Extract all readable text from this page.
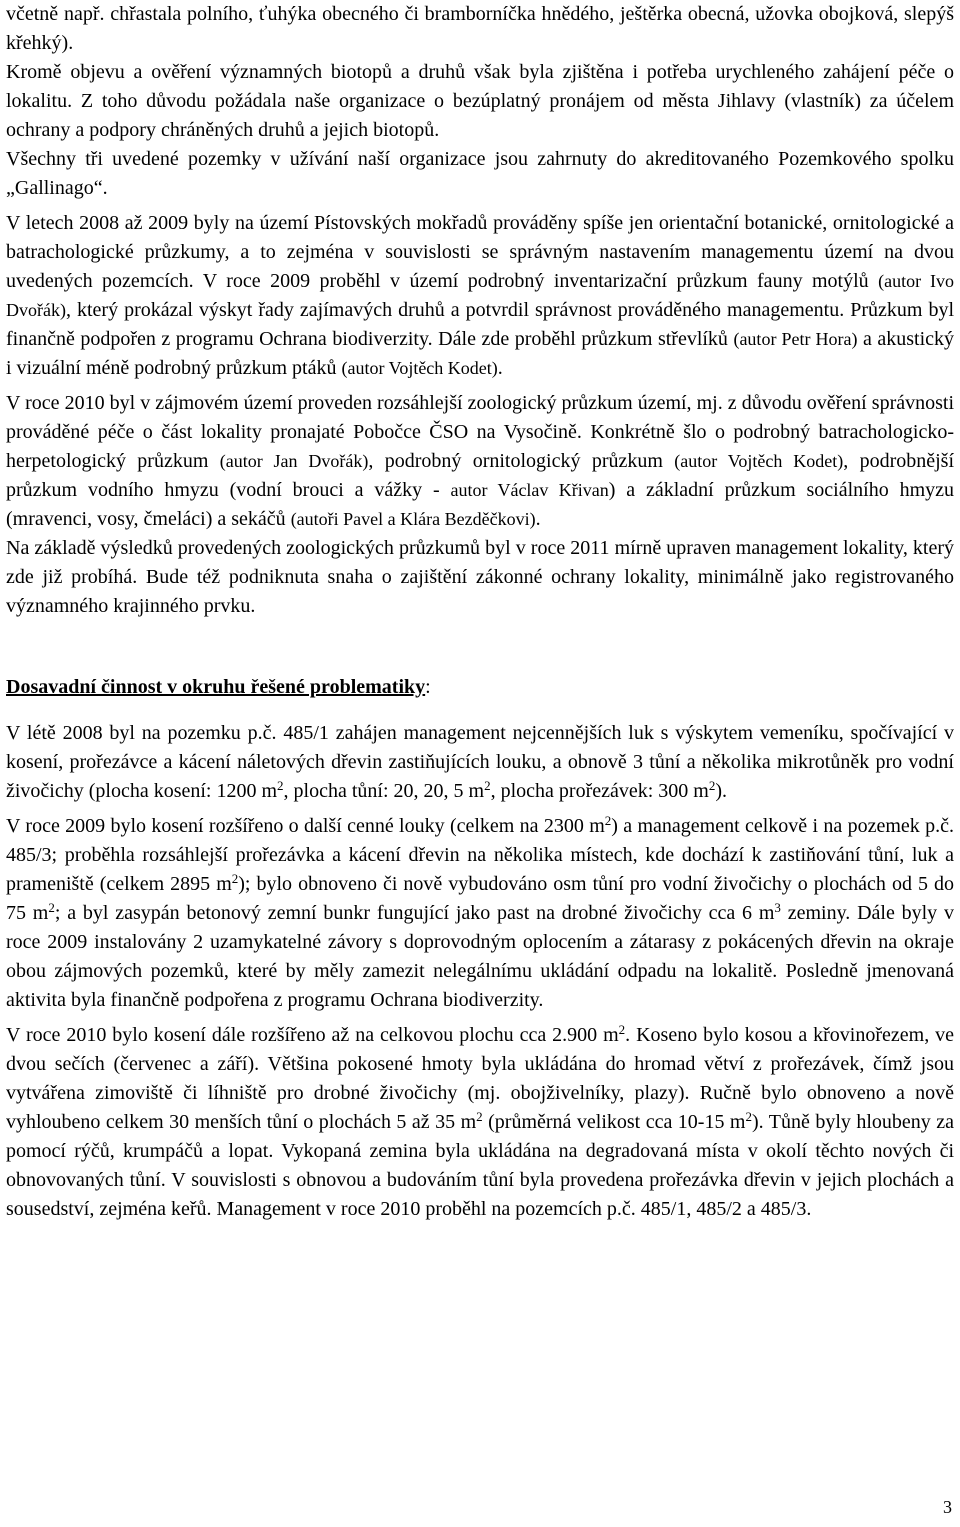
včetně např. chřastala polního, ťuhýka obecného či bramborníčka hnědého, ještěrka obecná, užovka obojková, slepýš křehký).

Kromě objevu a ověření významných biotopů a druhů však byla zjištěna i potřeba urychleného zahájení péče o lokalitu. Z toho důvodu požádala naše organizace o bezúplatný pronájem od města Jihlavy (vlastník) za účelem ochrany a podpory chráněných druhů a jejich biotopů.

Všechny tři uvedené pozemky v užívání naší organizace jsou zahrnuty do akreditovaného Pozemkového spolku „Gallinago“.

V letech 2008 až 2009 byly na území Pístovských mokřadů prováděny spíše jen orientační botanické, ornitologické a batrachologické průzkumy, a to zejména v souvislosti se správným nastavením managementu území na dvou uvedených pozemcích. V roce 2009 proběhl v území podrobný inventarizační průzkum fauny motýlů (autor Ivo Dvořák), který prokázal výskyt řady zajímavých druhů a potvrdil správnost prováděného managementu. Průzkum byl finančně podpořen z programu Ochrana biodiverzity. Dále zde proběhl průzkum střevlíků (autor Petr Hora) a akustický i vizuální méně podrobný průzkum ptáků (autor Vojtěch Kodet).

V roce 2010 byl v zájmovém území proveden rozsáhlejší zoologický průzkum území, mj. z důvodu ověření správnosti prováděné péče o část lokality pronajaté Pobočce ČSO na Vysočině. Konkrétně šlo o podrobný batrachologicko-herpetologický průzkum (autor Jan Dvořák), podrobný ornitologický průzkum (autor Vojtěch Kodet), podrobnější průzkum vodního hmyzu (vodní brouci a vážky - autor Václav Křivan) a základní průzkum sociálního hmyzu (mravenci, vosy, čmeláci) a sekáčů (autoři Pavel a Klára Bezděčkovi).

Na základě výsledků provedených zoologických průzkumů byl v roce 2011 mírně upraven management lokality, který zde již probíhá. Bude též podniknuta snaha o zajištění zákonné ochrany lokality, minimálně jako registrovaného významného krajinného prvku.

Dosavadní činnost v okruhu řešené problematiky:

V létě 2008 byl na pozemku p.č. 485/1 zahájen management nejcennějších luk s výskytem vemeníku, spočívající v kosení, prořezávce a kácení náletových dřevin zastiňujících louku, a obnově 3 tůní a několika mikrotůněk pro vodní živočichy (plocha kosení: 1200 $m^2$, plocha tůní: 20, 20, 5 $m^2$, plocha prořezávek: 300 $m^2$).

V roce 2009 bylo kosení rozšířeno o další cenné louky (celkem na 2300 $m^2$) a management celkově i na pozemek p.č. 485/3; proběhla rozsáhlejší prořezávka a kácení dřevin na několika místech, kde dochází k zastiňování tůní, luk a prameniště (celkem 2895 $m^2$); bylo obnoveno či nově vybudováno osm tůní pro vodní živočichy o plochách od 5 do 75 $m^2$; a byl zasypán betonový zemní bunkr fungující jako past na drobné živočichy cca 6 $m^3$ zeminy. Dále byly v roce 2009 instalovány 2 uzamykatelné závory s doprovodným oplocením a zátarasy z pokácených dřevin na okraje obou zájmových pozemků, které by měly zamezit nelegálnímu ukládání odpadu na lokalitě. Posledně jmenovaná aktivita byla finančně podpořena z programu Ochrana biodiverzity.

V roce 2010 bylo kosení dále rozšířeno až na celkovou plochu cca 2.900 $m^2$. Koseno bylo kosou a křovinořezem, ve dvou sečích (červenec a září). Většina pokosené hmoty byla ukládána do hromad větví z prořezávek, čímž jsou vytvářena zimoviště či líhniště pro drobné živočichy (mj. obojživelníky, plazy). Ručně bylo obnoveno a nově vyhloubeno celkem 30 menších tůní o plochách 5 až 35 $m^2$ (průměrná velikost cca 10-15 $m^2$). Tůně byly hloubeny za pomocí rýčů, krumpáčů a lopat. Vykopaná zemina byla ukládána na degradovaná místa v okolí těchto nových či obnovovaných tůní. V souvislosti s obnovou a budováním tůní byla provedena prořezávka dřevin v jejich plochách a sousedství, zejména keřů. Management v roce 2010 proběhl na pozemcích p.č. 485/1, 485/2 a 485/3.

3
